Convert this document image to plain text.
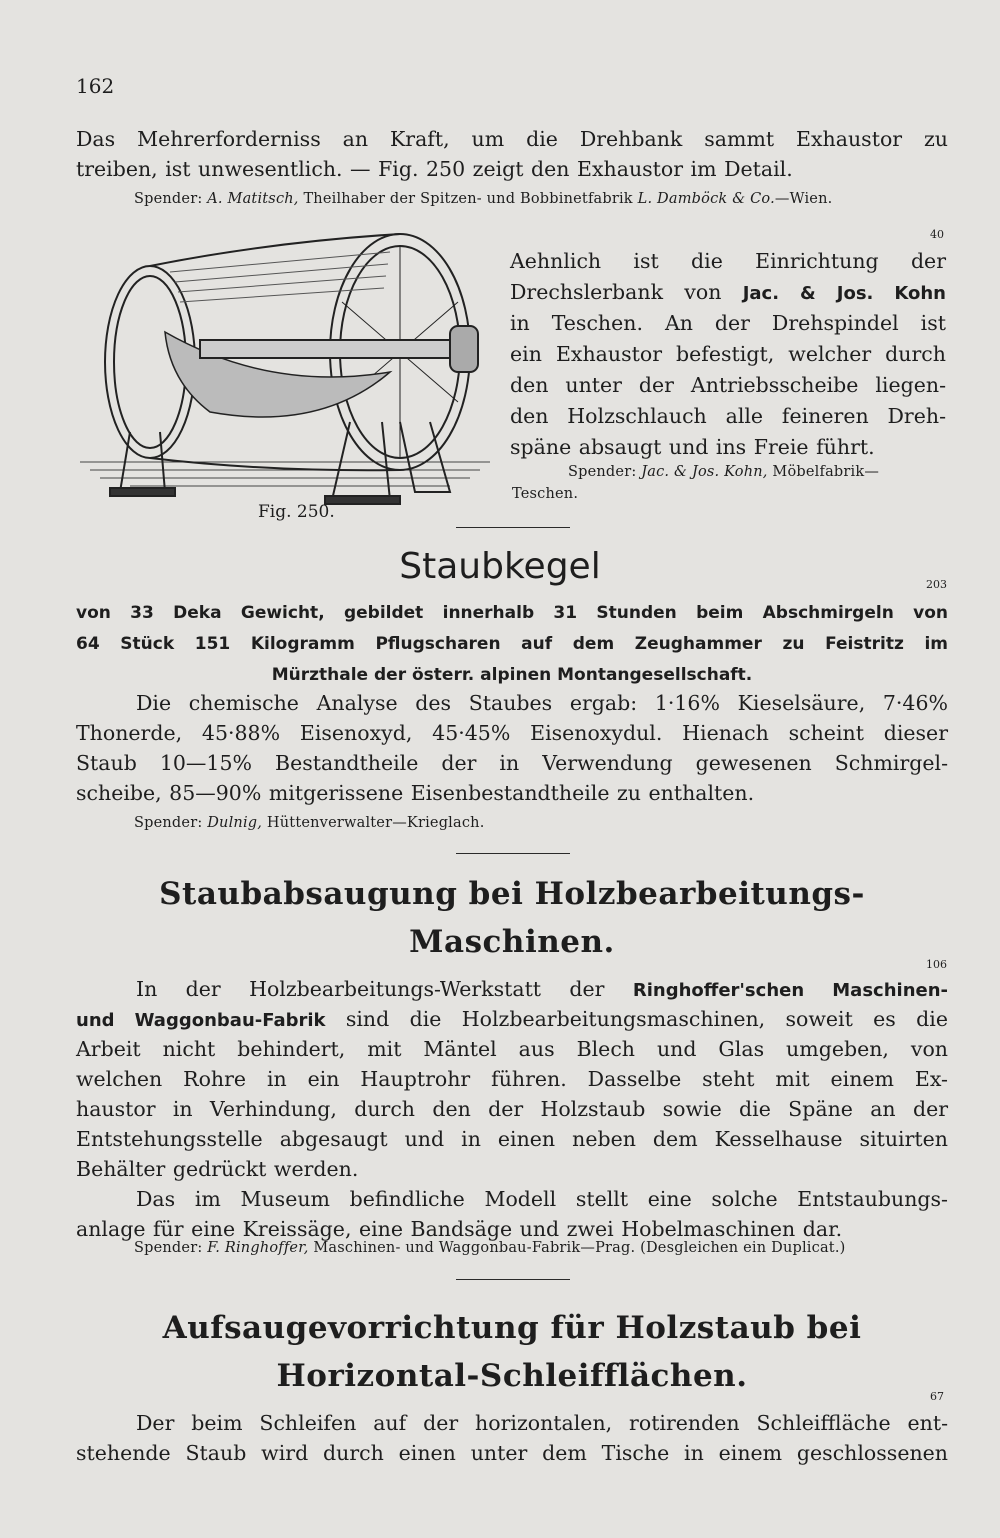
162

Das Mehrerforderniss an Kraft, um die Drehbank sammt Exhaustor zu

treiben, ist unwesentlich. — Fig. 250 zeigt den Exhaustor im Detail.

Spender: A. Matitsch, Theilhaber der Spitzen- und Bobbinetfabrik L. Damböck & Co.—Wien.

Fig. 250.
40

Aehnlich ist die Einrichtung der

Drechslerbank von Jac. & Jos. Kohn

in Teschen. An der Drehspindel ist

ein Exhaustor befestigt, welcher durch

den unter der Antriebsscheibe liegen-

den Holzschlauch alle feineren Dreh-

späne absaugt und ins Freie führt.

Spender: Jac. & Jos. Kohn, Möbelfabrik—

Teschen.

Staubkegel	203

von 33 Deka Gewicht, gebildet innerhalb 31 Stunden beim Abschmirgeln von

64 Stück 151 Kilogramm Pflugscharen auf dem Zeughammer zu Feistritz im

Mürzthale der österr. alpinen Montangesellschaft.

Die chemische Analyse des Staubes ergab: 1·16% Kieselsäure, 7·46%

Thonerde, 45·88% Eisenoxyd, 45·45% Eisenoxydul. Hienach scheint dieser

Staub 10—15% Bestandtheile der in Verwendung gewesenen Schmirgel-

scheibe, 85—90% mitgerissene Eisenbestandtheile zu enthalten.

Spender: Dulnig, Hüttenverwalter—Krieglach.

Staubabsaugung bei Holzbearbeitungs-
Maschinen.
106

In der Holzbearbeitungs-Werkstatt der Ringhoffer'schen Maschinen-

und Waggonbau-Fabrik sind die Holzbearbeitungsmaschinen, soweit es die

Arbeit nicht behindert, mit Mäntel aus Blech und Glas umgeben, von

welchen Rohre in ein Hauptrohr führen. Dasselbe steht mit einem Ex-

haustor in Verhindung, durch den der Holzstaub sowie die Späne an der

Entstehungsstelle abgesaugt und in einen neben dem Kesselhause situirten

Behälter gedrückt werden.

Das im Museum befindliche Modell stellt eine solche Entstaubungs-

anlage für eine Kreissäge, eine Bandsäge und zwei Hobelmaschinen dar.

Spender: F. Ringhoffer, Maschinen- und Waggonbau-Fabrik—Prag. (Desgleichen ein Duplicat.)

Aufsaugevorrichtung für Holzstaub bei
Horizontal-Schleifflächen.
67

Der beim Schleifen auf der horizontalen, rotirenden Schleiffläche ent-

stehende Staub wird durch einen unter dem Tische in einem geschlossenen
